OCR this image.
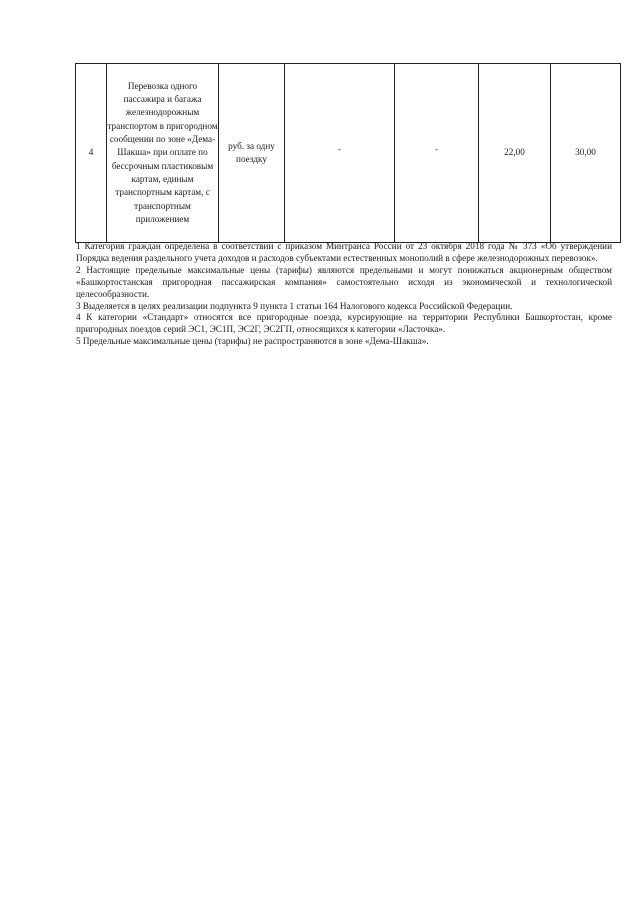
4	Перевозка одного пассажира и багажа железнодорожным транспортом в пригородном сообщении по зоне «Дема-Шакша» при оплате по бессрочным пластиковым картам, единым транспортным картам, с транспортным приложением	руб. за одну поездку	-	-	22,00	30,00

1 Категория граждан определена в соответствии с приказом Минтранса России от 23 октября 2018 года № 373 «Об утверждении Порядка ведения раздельного учета доходов и расходов субъектами естественных монополий в сфере железнодорожных перевозок».

2 Настоящие предельные максимальные цены (тарифы) являются предельными и могут понижаться акционерным обществом «Башкортостанская пригородная пассажирская компания» самостоятельно исходя из экономической и технологической целесообразности.

3 Выделяется в целях реализации подпункта 9 пункта 1 статьи 164 Налогового кодекса Российской Федерации.

4 К категории «Стандарт» относятся все пригородные поезда, курсирующие на территории Республики Башкортостан, кроме пригородных поездов серий ЭС1, ЭС1П, ЭС2Г, ЭС2ГП, относящихся к категории «Ласточка».

5 Предельные максимальные цены (тарифы) не распространяются в зоне «Дема-Шакша».
